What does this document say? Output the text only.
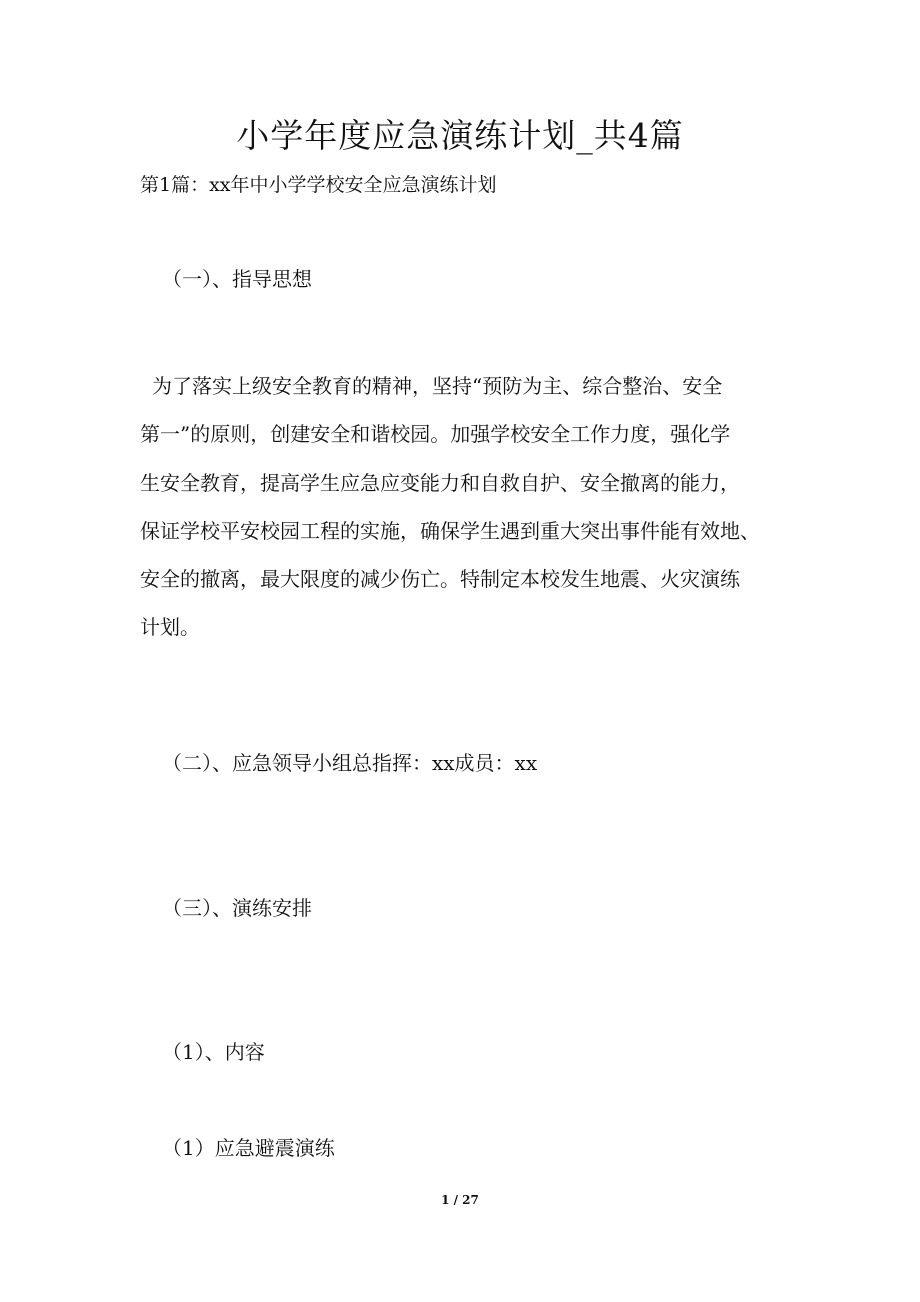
小学年度应急演练计划_共4篇

第1篇：xx年中小学学校安全应急演练计划

（一）、指导思想

为了落实上级安全教育的精神，坚持“预防为主、综合整治、安全
第一”的原则，创建安全和谐校园。加强学校安全工作力度，强化学
生安全教育，提高学生应急应变能力和自救自护、安全撤离的能力，
保证学校平安校园工程的实施，确保学生遇到重大突出事件能有效地、
安全的撤离，最大限度的减少伤亡。特制定本校发生地震、火灾演练
计划。

（二）、应急领导小组总指挥：xx成员：xx

（三）、演练安排

（1）、内容

（1）应急避震演练

1 / 27
